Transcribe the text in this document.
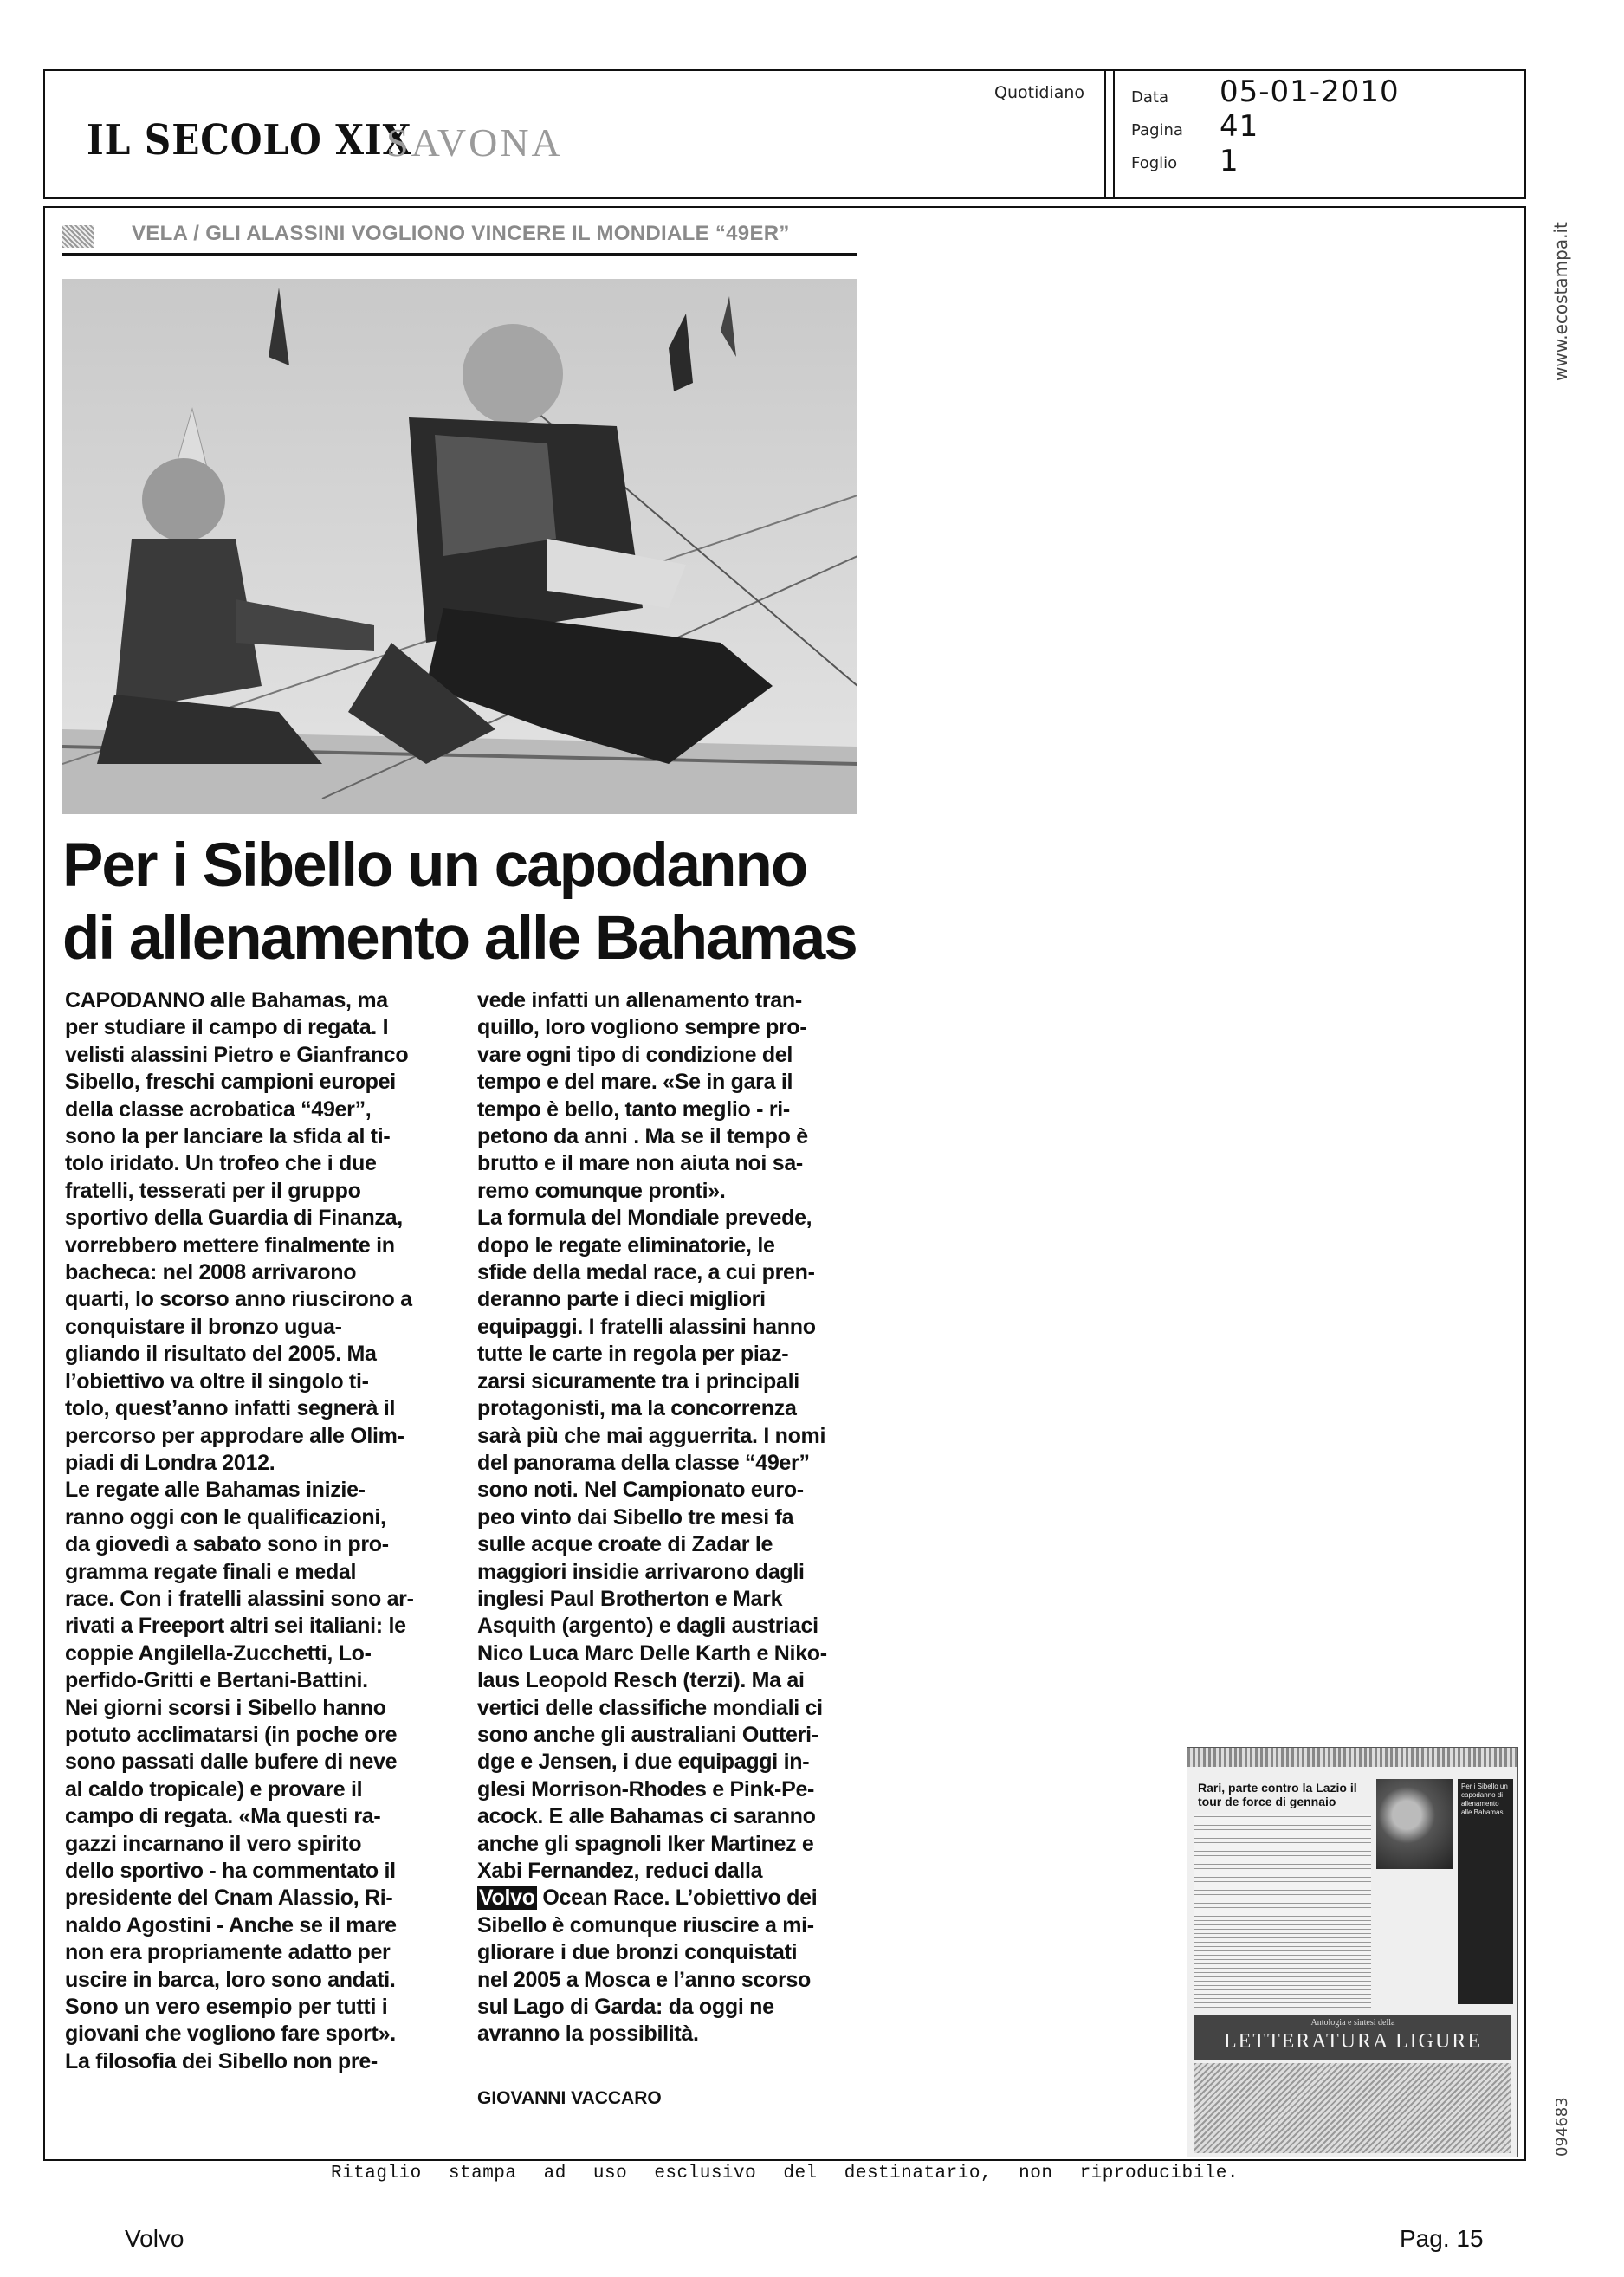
IL SECOLO XIX
SAVONA
Quotidiano	Data 05-01-2010
Pagina 41
Foglio 1
VELA / GLI ALASSINI VOGLIONO VINCERE IL MONDIALE “49ER”	www.ecostampa.it
Per i Sibello un capodanno
di allenamento alle Bahamas
CAPODANNO alle Bahamas, ma
per studiare il campo di regata. I
velisti alassini Pietro e Gianfranco
Sibello, freschi campioni europei
della classe acrobatica “49er”,
sono la per lanciare la sfida al ti-
tolo iridato. Un trofeo che i due
fratelli, tesserati per il gruppo
sportivo della Guardia di Finanza,
vorrebbero mettere finalmente in
bacheca: nel 2008 arrivarono
quarti, lo scorso anno riuscirono a
conquistare il bronzo ugua-
gliando il risultato del 2005. Ma
l’obiettivo va oltre il singolo ti-
tolo, quest’anno infatti segnerà il
percorso per approdare alle Olim-
piadi di Londra 2012.
Le regate alle Bahamas inizie-
ranno oggi con le qualificazioni,
da giovedì a sabato sono in pro-
gramma regate finali e medal
race. Con i fratelli alassini sono ar-
rivati a Freeport altri sei italiani: le
coppie Angilella-Zucchetti, Lo-
perfido-Gritti e Bertani-Battini.
Nei giorni scorsi i Sibello hanno
potuto acclimatarsi (in poche ore
sono passati dalle bufere di neve
al caldo tropicale) e provare il
campo di regata. «Ma questi ra-
gazzi incarnano il vero spirito
dello sportivo - ha commentato il
presidente del Cnam Alassio, Ri-
naldo Agostini - Anche se il mare
non era propriamente adatto per
uscire in barca, loro sono andati.
Sono un vero esempio per tutti i
giovani che vogliono fare sport».
La filosofia dei Sibello non pre-
vede infatti un allenamento tran-
quillo, loro vogliono sempre pro-
vare ogni tipo di condizione del
tempo e del mare. «Se in gara il
tempo è bello, tanto meglio - ri-
petono da anni . Ma se il tempo è
brutto e il mare non aiuta noi sa-
remo comunque pronti».
La formula del Mondiale prevede,
dopo le regate eliminatorie, le
sfide della medal race, a cui pren-
deranno parte i dieci migliori
equipaggi. I fratelli alassini hanno
tutte le carte in regola per piaz-
zarsi sicuramente tra i principali
protagonisti, ma la concorrenza
sarà più che mai agguerrita. I nomi
del panorama della classe “49er”
sono noti. Nel Campionato euro-
peo vinto dai Sibello tre mesi fa
sulle acque croate di Zadar le
maggiori insidie arrivarono dagli
inglesi Paul Brotherton e Mark
Asquith (argento) e dagli austriaci
Nico Luca Marc Delle Karth e Niko-
laus Leopold Resch (terzi). Ma ai
vertici delle classifiche mondiali ci
sono anche gli australiani Outteri-
dge e Jensen, i due equipaggi in-
glesi Morrison-Rhodes e Pink-Pe-
acock. E alle Bahamas ci saranno
anche gli spagnoli Iker Martinez e
Xabi Fernandez, reduci dalla
Volvo Ocean Race. L’obiettivo dei
Sibello è comunque riuscire a mi-
gliorare i due bronzi conquistati
nel 2005 a Mosca e l’anno scorso
sul Lago di Garda: da oggi ne
avranno la possibilità.
GIOVANNI VACCARO
Rari, parte contro la Lazio il tour de force di gennaio
Per i Sibello un capodanno di allenamento alle Bahamas
Antologia e sintesi della
LETTERATURA LIGURE
094683
Ritaglio stampa ad uso esclusivo del destinatario, non riproducibile.
Volvo	Pag. 15
